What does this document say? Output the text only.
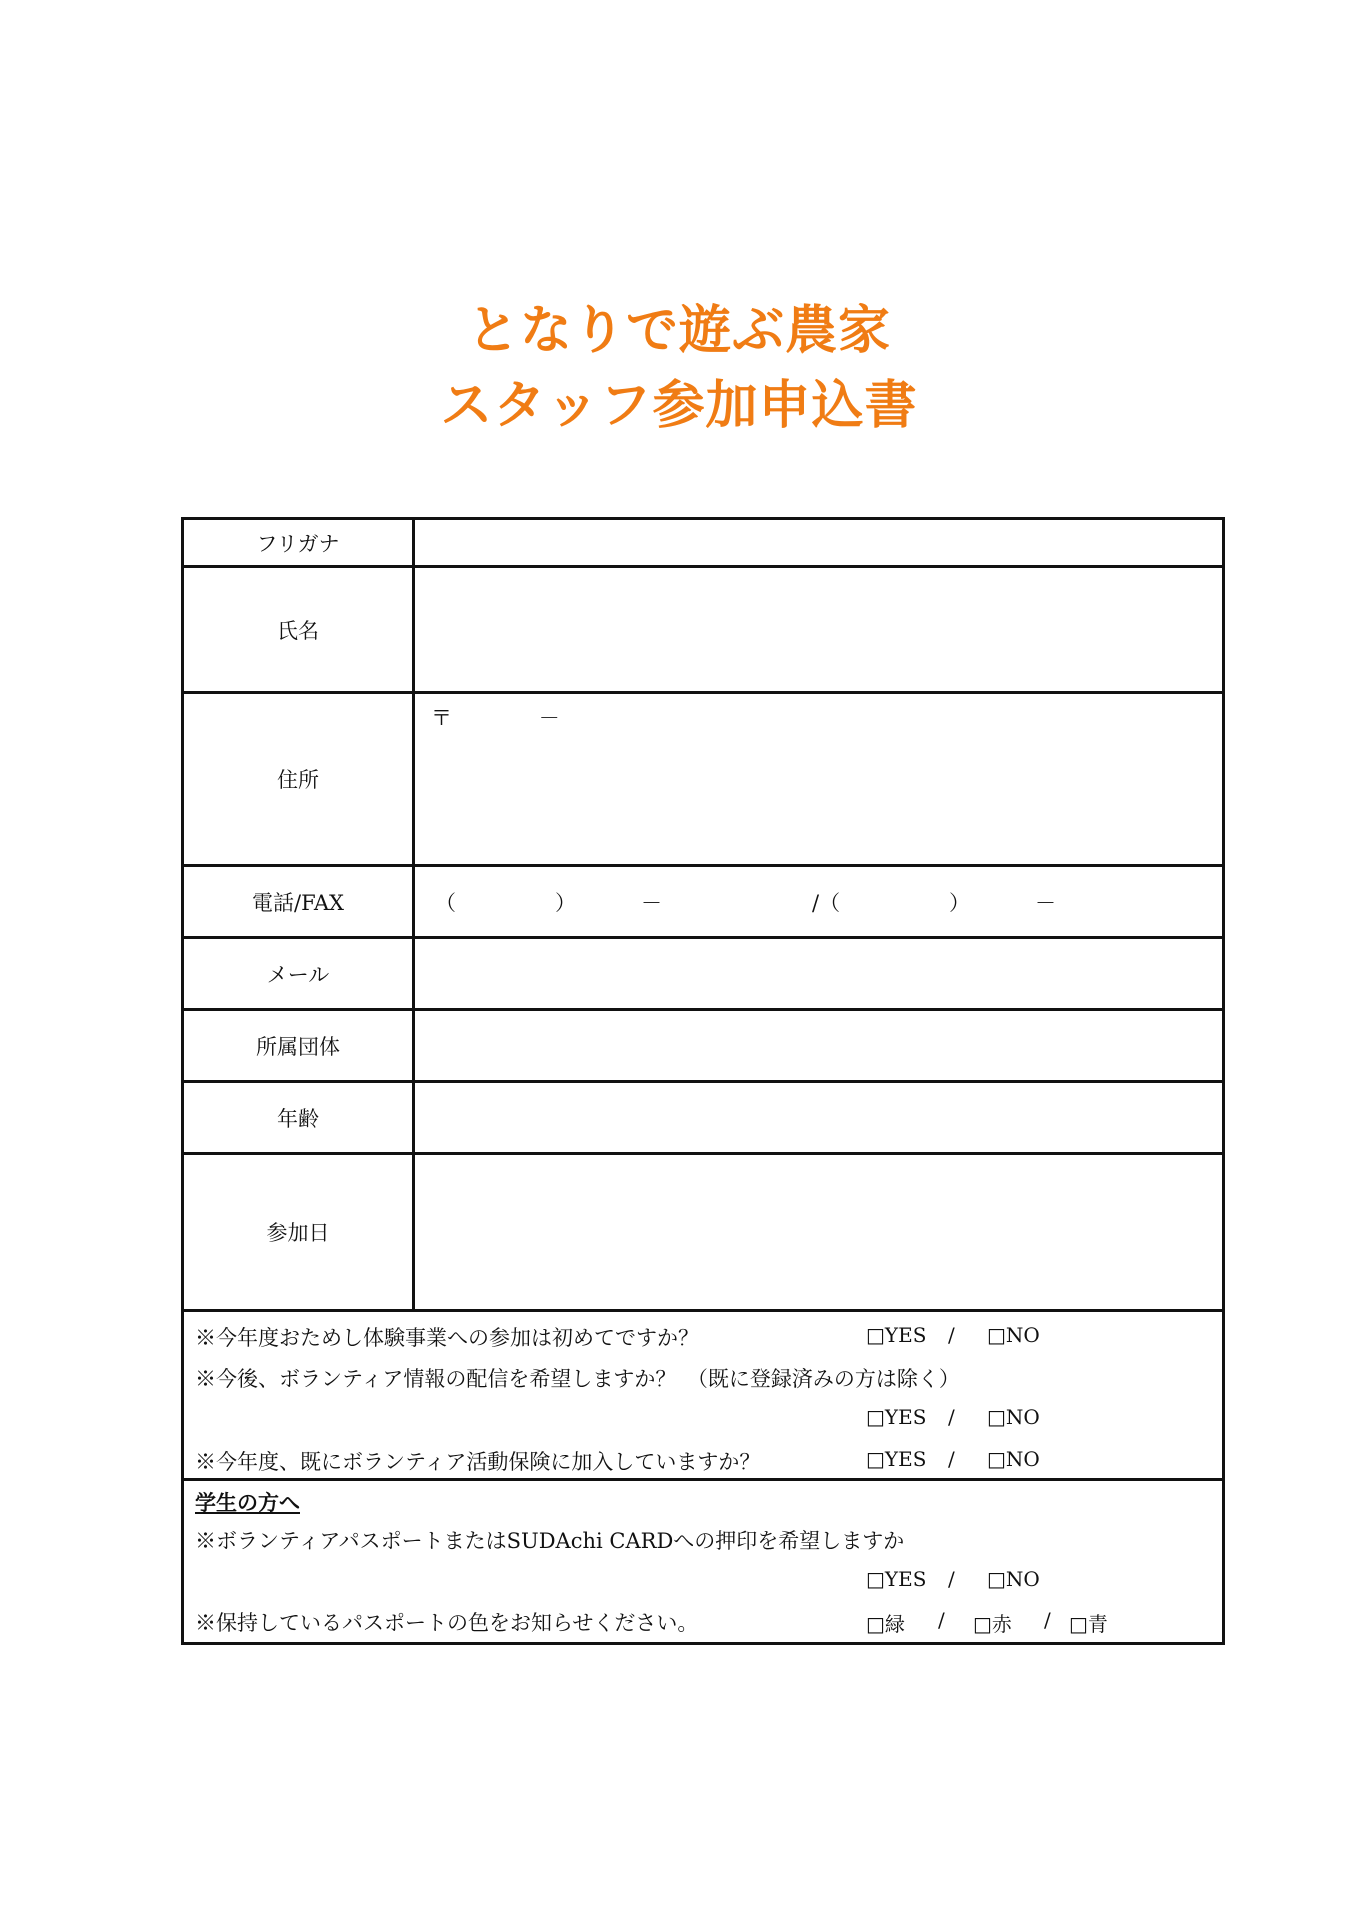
となりで遊ぶ農家
スタッフ参加申込書
フリガナ
氏名
住所
〒	－
電話/FAX	（	）	－	/（	）	－
メール
所属団体
年齢
参加日
※今年度おためし体験事業への参加は初めてですか？	□YES / □NO
※今後、ボランティア情報の配信を希望しますか？　（既に登録済みの方は除く）
□YES / □NO
※今年度、既にボランティア活動保険に加入していますか？	□YES / □NO
学生の方へ
※ボランティアパスポートまたはSUDAchi CARDへの押印を希望しますか
□YES / □NO
※保持しているパスポートの色をお知らせください。	□緑 / □赤 / □青
